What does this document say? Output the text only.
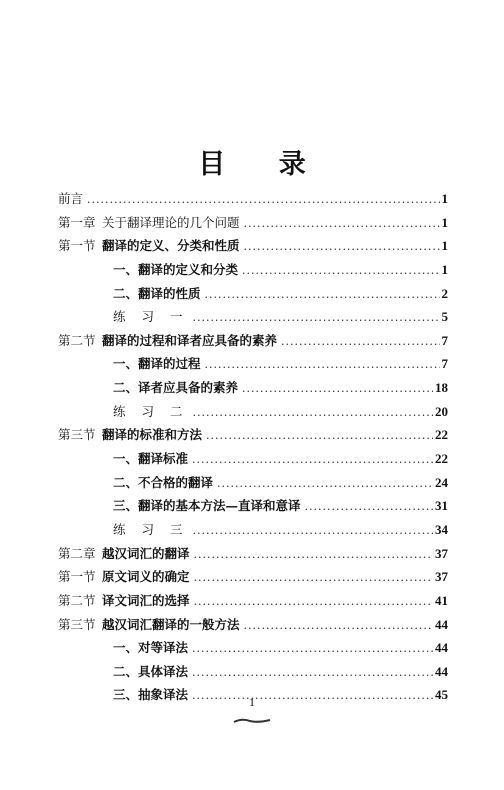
目 录
前言 .....	1
第一章 关于翻译理论的几个问题 .....	1
第一节 翻译的定义、分类和性质 .....	1
一、翻译的定义和分类 .....	1
二、翻译的性质 .....	2
练 习 一 .....	5
第二节 翻译的过程和译者应具备的素养 .....	7
一、翻译的过程 .....	7
二、译者应具备的素养 .....	18
练 习 二 .....	20
第三节 翻译的标准和方法 .....	22
一、翻译标准 .....	22
二、不合格的翻译 .....	24
三、翻译的基本方法—直译和意译 .....	31
练 习 三 .....	34
第二章 越汉词汇的翻译 .....	37
第一节 原文词义的确定 .....	37
第二节 译文词汇的选择 .....	41
第三节 越汉词汇翻译的一般方法 .....	44
一、对等译法 .....	44
二、具体译法 .....	44
三、抽象译法 .....	45
1
